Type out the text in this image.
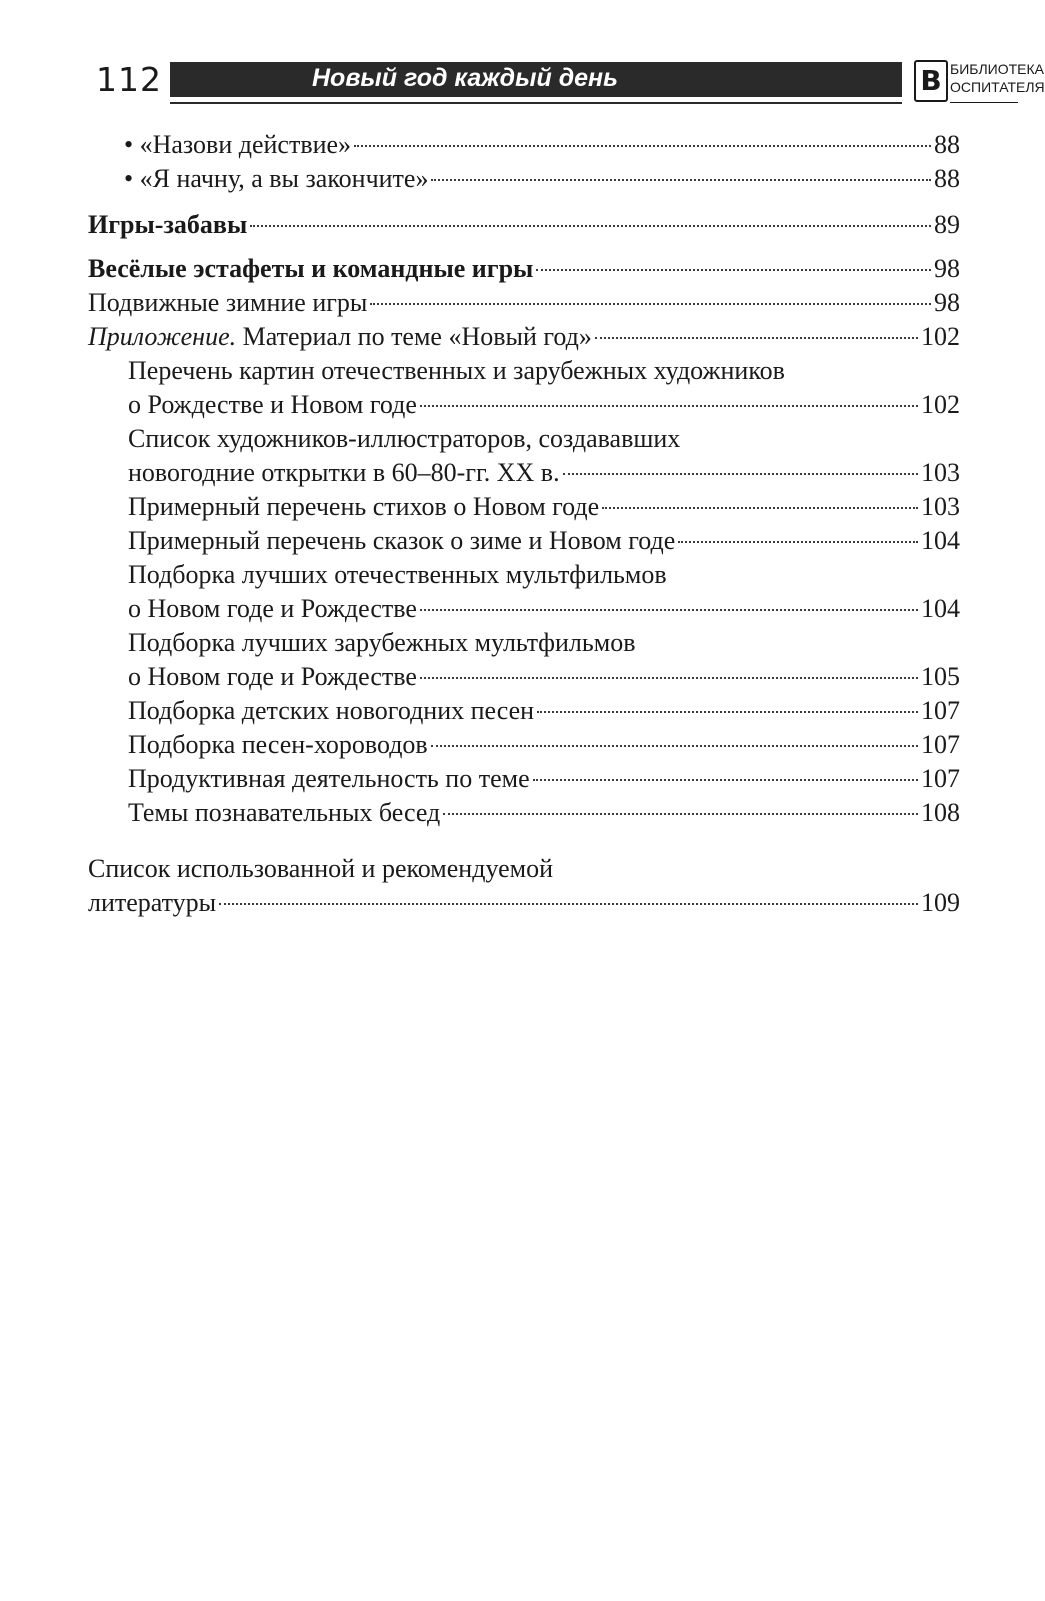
112	Новый год каждый день	В БИБЛИОТЕКА
ОСПИТАТЕЛЯ
• «Назови действие»	88
• «Я начну, а вы закончите»	88
Игры-забавы	89
Весёлые эстафеты и командные игры	98
Подвижные зимние игры	98
Приложение. Материал по теме «Новый год»	102
Перечень картин отечественных и зарубежных художников
о Рождестве и Новом годе	102
Список художников-иллюстраторов, создававших
новогодние открытки в 60–80-гг. XX в.	103
Примерный перечень стихов о Новом годе	103
Примерный перечень сказок о зиме и Новом годе	104
Подборка лучших отечественных мультфильмов
о Новом годе и Рождестве	104
Подборка лучших зарубежных мультфильмов
о Новом годе и Рождестве	105
Подборка детских новогодних песен	107
Подборка песен-хороводов	107
Продуктивная деятельность по теме	107
Темы познавательных бесед	108
Список использованной и рекомендуемой
литературы	109
